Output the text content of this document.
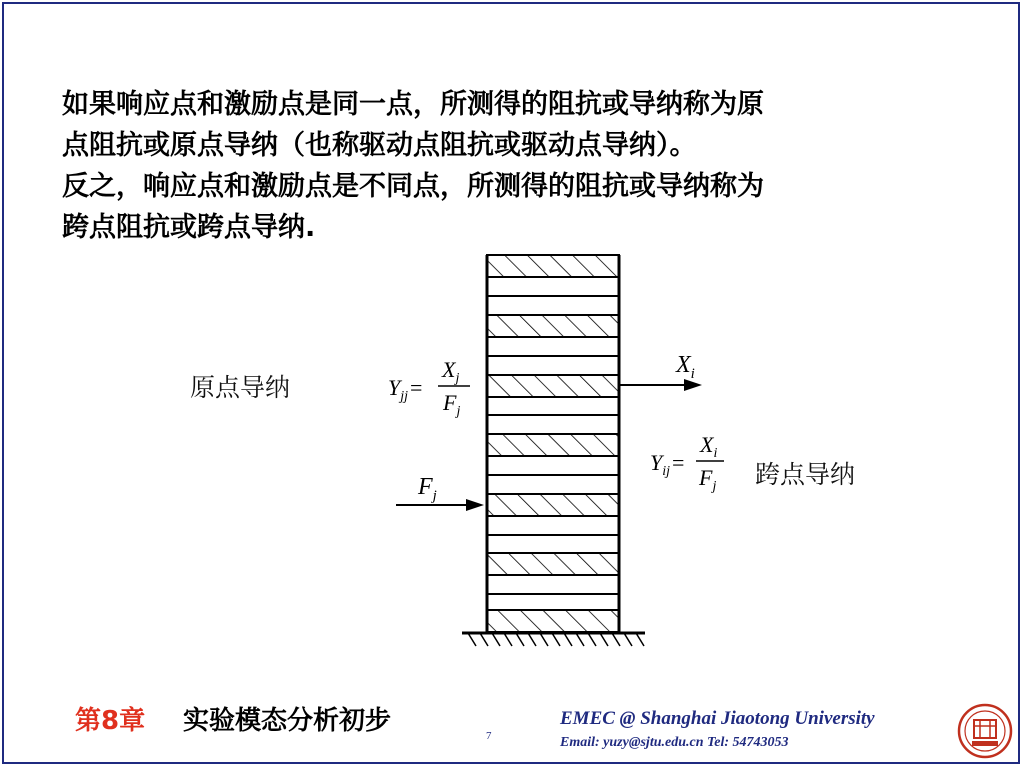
如果响应点和激励点是同一点，所测得的阻抗或导纳称为原
点阻抗或原点导纳（也称驱动点阻抗或驱动点导纳）。
反之，响应点和激励点是不同点，所测得的阻抗或导纳称为
跨点阻抗或跨点导纳.
原点导纳
跨点导纳
$F_j$
$X_i$
$Y_{jj}=$
$X_j$
$F_j$
$Y_{ij}=$
$X_i$
$F_j$
第8章 实验模态分析初步	7
EMEC @ Shanghai Jiaotong University
Email: yuzy@sjtu.edu.cn Tel: 54743053
